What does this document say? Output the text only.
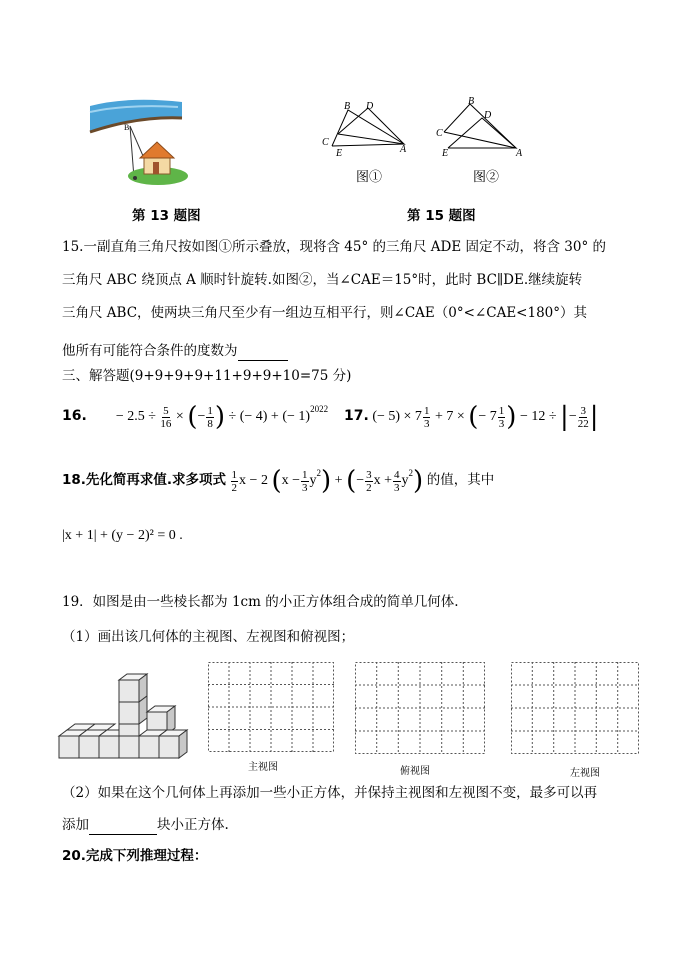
B
B D
C
E	A
图①
B
D
C
E	A
图②
第 13 题图	第 15 题图
15.一副直角三角尺按如图①所示叠放，现将含 45° 的三角尺 ADE 固定不动，将含 30° 的
三角尺 ABC 绕顶点 A 顺时针旋转.如图②，当∠CAE＝15°时，此时 BC∥DE.继续旋转
三角尺 ABC，使两块三角尺至少有一组边互相平行，则∠CAE（0°<∠CAE<180°）其
他所有可能符合条件的度数为
三、解答题(9+9+9+9+11+9+9+10=75 分)
16. − $2.5 \div \frac{5}{16}$ × (− $\frac{1}{8}$ ) ÷ (− 4) + (− 1)$^{2022}$ 17. (− $5) \times 7 \frac{1}{3} + 7$ × (− $7 \frac{1}{3}$ ) − 12 ÷ |− $\frac{3}{22}$ |
18.先化简再求值.求多项式 $\frac{1}{2}$ x − 2 $(x - \frac{1}{3} y^2)$ + (− $\frac{3}{2}$ $x + \frac{4}{3} y^2$) 的值，其中
|x + 1| + (y − 2)² = 0 .
19．如图是由一些棱长都为 1cm 的小正方体组合成的简单几何体.
（1）画出该几何体的主视图、左视图和俯视图；
主视图	俯视图	左视图
（2）如果在这个几何体上再添加一些小正方体，并保持主视图和左视图不变，最多可以再
添加	块小正方体.
20.完成下列推理过程：
